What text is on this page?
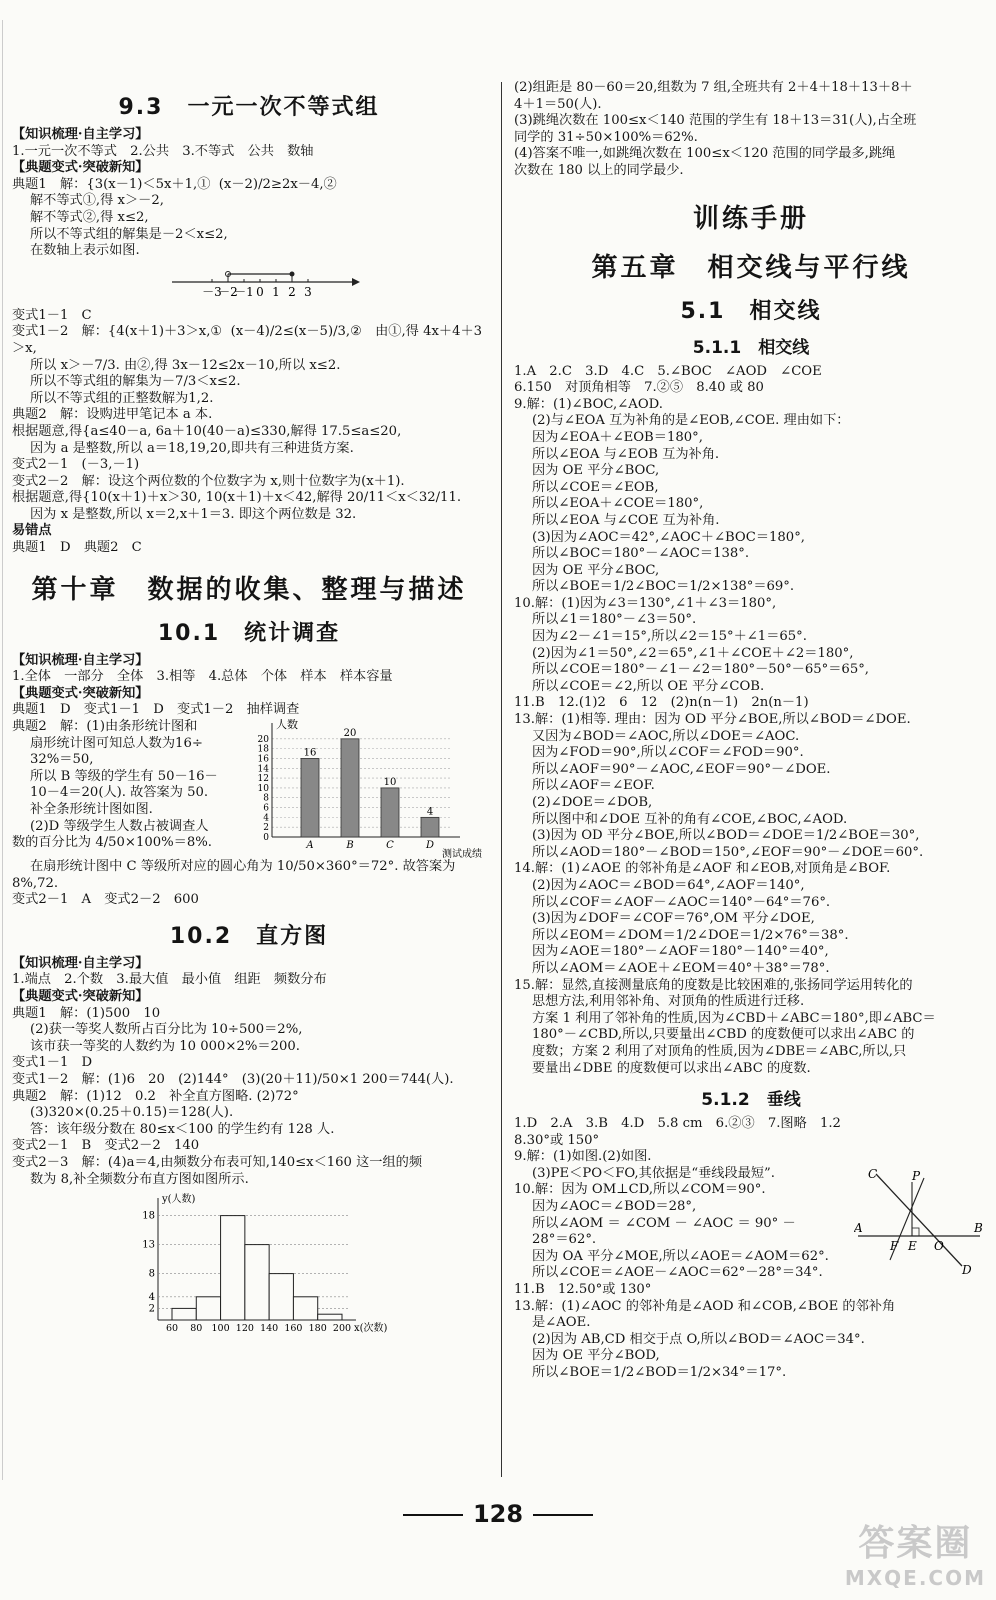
9.3　一元一次不等式组
【知识梳理·自主学习】
1.一元一次不等式　2.公共　3.不等式　公共　数轴
【典题变式·突破新知】
典题1　解：{3(x－1)＜5x＋1,①  (x－2)/2≥2x－4,②
解不等式①,得 x＞－2,
解不等式②,得 x≤2,
所以不等式组的解集是－2＜x≤2,
在数轴上表示如图.
－3
－2
－1 0 1 2 3
变式1－1　C
变式1－2　解：{4(x＋1)＋3＞x,①  (x－4)/2≤(x－5)/3,②　由①,得 4x＋4＋3＞x,
所以 x＞－7/3. 由②,得 3x－12≤2x－10,所以 x≤2.
所以不等式组的解集为－7/3＜x≤2.
所以不等式组的正整数解为1,2.
典题2　解：设购进甲笔记本 a 本.
根据题意,得{a≤40－a, 6a＋10(40－a)≤330,解得 17.5≤a≤20,
因为 a 是整数,所以 a＝18,19,20,即共有三种进货方案.
变式2－1　(－3,－1)
变式2－2　解：设这个两位数的个位数字为 x,则十位数字为(x＋1).
根据题意,得{10(x＋1)＋x＞30, 10(x＋1)＋x＜42,解得 20/11＜x＜32/11.
因为 x 是整数,所以 x＝2,x＋1＝3. 即这个两位数是 32.
易错点
典题1　D　典题2　C
第十章　数据的收集、整理与描述
10.1　统计调查
【知识梳理·自主学习】
1.全体　一部分　全体　3.相等　4.总体　个体　样本　样本容量
【典题变式·突破新知】
典题1　D　变式1－1　D　变式1－2　抽样调查
典题2　解：(1)由条形统计图和
扇形统计图可知总人数为16÷
32%＝50,
所以 B 等级的学生有 50－16－
10－4＝20(人). 故答案为 50.
补全条形统计图如图.
(2)D 等级学生人数占被调查人
数的百分比为 4/50×100%＝8%.	0
2
4
6
8
10
12
14
16
18
20
人数
测试成绩
16
A
20
B
10
C
4
D
在扇形统计图中 C 等级所对应的圆心角为 10/50×360°＝72°. 故答案为
8%,72.
变式2－1　A　变式2－2　600
10.2　直方图
【知识梳理·自主学习】
1.端点　2.个数　3.最大值　最小值　组距　频数分布
【典题变式·突破新知】
典题1　解：(1)500　10
(2)获一等奖人数所占百分比为 10÷500＝2%,
该市获一等奖的人数约为 10 000×2%＝200.
变式1－1　D
变式1－2　解：(1)6　20　(2)144°　(3)(20＋11)/50×1 200＝744(人).
典题2　解：(1)12　0.2　补全直方图略. (2)72°
(3)320×(0.25＋0.15)＝128(人).
答：该年级分数在 80≤x＜100 的学生约有 128 人.
变式2－1　B　变式2－2　140
变式2－3　解：(4)a＝4,由频数分布表可知,140≤x＜160 这一组的频
数为 8,补全频数分布直方图如图所示.
y(人数)
x(次数)
2
4
8
13
18
60 80 100 120 140 160 180 200
(2)组距是 80－60＝20,组数为 7 组,全班共有 2＋4＋18＋13＋8＋
4＋1＝50(人).
(3)跳绳次数在 100≤x＜140 范围的学生有 18＋13＝31(人),占全班
同学的 31÷50×100%＝62%.
(4)答案不唯一,如跳绳次数在 100≤x＜120 范围的同学最多,跳绳
次数在 180 以上的同学最少.
训练手册
第五章　相交线与平行线
5.1　相交线
5.1.1　相交线
1.A　2.C　3.D　4.C　5.∠BOC　∠AOD　∠COE
6.150　对顶角相等　7.②⑤　8.40 或 80
9.解：(1)∠BOC,∠AOD.
(2)与∠EOA 互为补角的是∠EOB,∠COE. 理由如下：
因为∠EOA＋∠EOB＝180°,
所以∠EOA 与∠EOB 互为补角.
因为 OE 平分∠BOC,
所以∠COE＝∠EOB,
所以∠EOA＋∠COE＝180°,
所以∠EOA 与∠COE 互为补角.
(3)因为∠AOC＝42°,∠AOC＋∠BOC＝180°,
所以∠BOC＝180°－∠AOC＝138°.
因为 OE 平分∠BOC,
所以∠BOE＝1/2∠BOC＝1/2×138°＝69°.
10.解：(1)因为∠3＝130°,∠1＋∠3＝180°,
所以∠1＝180°－∠3＝50°.
因为∠2－∠1＝15°,所以∠2＝15°＋∠1＝65°.
(2)因为∠1＝50°,∠2＝65°,∠1＋∠COE＋∠2＝180°,
所以∠COE＝180°－∠1－∠2＝180°－50°－65°＝65°,
所以∠COE＝∠2,所以 OE 平分∠COB.
11.B　12.(1)2　6　12　(2)n(n－1)　2n(n－1)
13.解：(1)相等. 理由：因为 OD 平分∠BOE,所以∠BOD＝∠DOE.
又因为∠BOD＝∠AOC,所以∠DOE＝∠AOC.
因为∠FOD＝90°,所以∠COF＝∠FOD＝90°.
所以∠AOF＝90°－∠AOC,∠EOF＝90°－∠DOE.
所以∠AOF＝∠EOF.
(2)∠DOE＝∠DOB,
所以图中和∠DOE 互补的角有∠COE,∠BOC,∠AOD.
(3)因为 OD 平分∠BOE,所以∠BOD＝∠DOE＝1/2∠BOE＝30°,
所以∠AOD＝180°－∠BOD＝150°,∠EOF＝90°－∠DOE＝60°.
14.解：(1)∠AOE 的邻补角是∠AOF 和∠EOB,对顶角是∠BOF.
(2)因为∠AOC＝∠BOD＝64°,∠AOF＝140°,
所以∠COF＝∠AOF－∠AOC＝140°－64°＝76°.
(3)因为∠DOF＝∠COF＝76°,OM 平分∠DOE,
所以∠EOM＝∠DOM＝1/2∠DOE＝1/2×76°＝38°.
因为∠AOE＝180°－∠AOF＝180°－140°＝40°,
所以∠AOM＝∠AOE＋∠EOM＝40°＋38°＝78°.
15.解：显然,直接测量底角的度数是比较困难的,张扬同学运用转化的
思想方法,利用邻补角、对顶角的性质进行迁移.
方案 1 利用了邻补角的性质,因为∠CBD＋∠ABC＝180°,即∠ABC＝
180°－∠CBD,所以,只要量出∠CBD 的度数便可以求出∠ABC 的
度数；方案 2 利用了对顶角的性质,因为∠DBE＝∠ABC,所以,只
要量出∠DBE 的度数便可以求出∠ABC 的度数.
5.1.2　垂线
1.D　2.A　3.B　4.D　5.8 cm　6.②③　7.图略　1.2
8.30°或 150°
9.解：(1)如图.(2)如图.
(3)PE＜PO＜FO,其依据是“垂线段最短”.
10.解：因为 OM⊥CD,所以∠COM＝90°.
因为∠AOC＝∠BOD＝28°,
所以∠AOM ＝ ∠COM － ∠AOC ＝ 90° －
28°＝62°.
因为 OA 平分∠MOE,所以∠AOE＝∠AOM＝62°.
所以∠COE＝∠AOE－∠AOC＝62°－28°＝34°.
11.B　12.50°或 130°
13.解：(1)∠AOC 的邻补角是∠AOD 和∠COB,∠BOE 的邻补角
是∠AOE.
(2)因为 AB,CD 相交于点 O,所以∠BOD＝∠AOC＝34°.
因为 OE 平分∠BOD,
所以∠BOE＝1/2∠BOD＝1/2×34°＝17°.
C	P
A	B
F E O
D
128
答案圈
MXQE.COM
